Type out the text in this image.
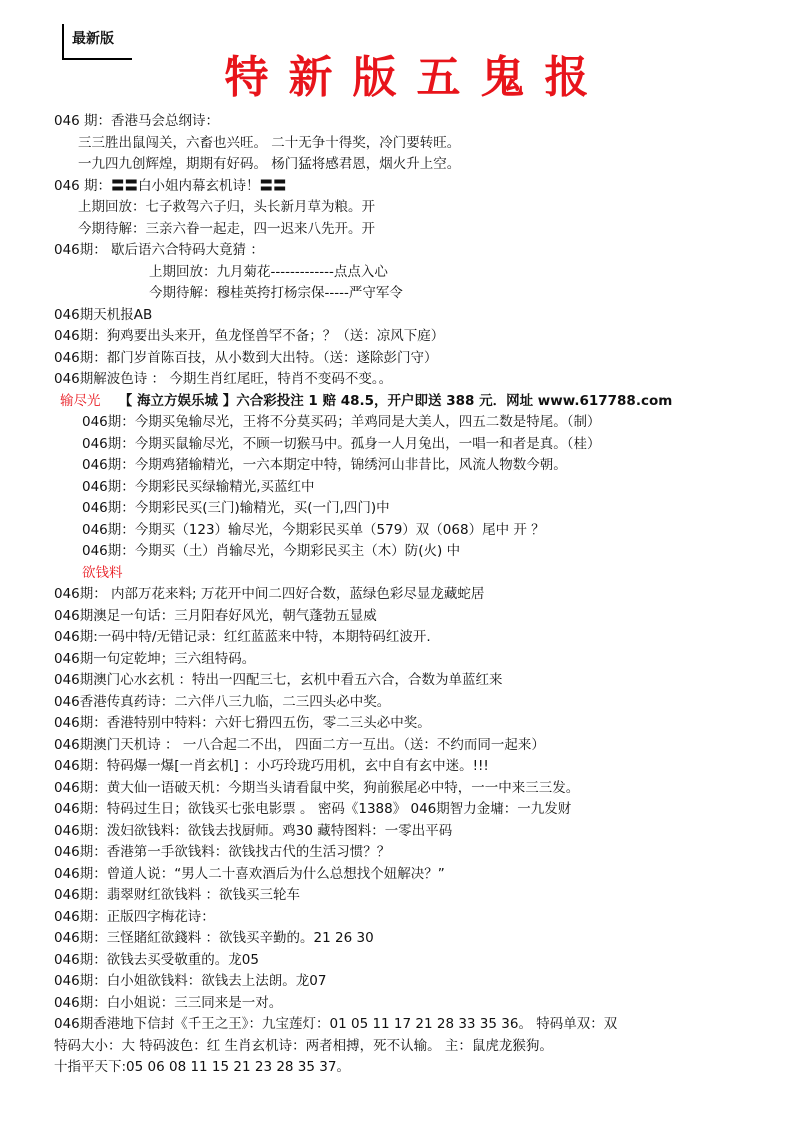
最新版
特新版五鬼报
046 期：香港马会总纲诗：
三三胜出鼠闯关，六畜也兴旺。 二十无争十得奖，冷门要转旺。
一九四九创辉煌，期期有好码。 杨门猛将感君恩，烟火升上空。
046 期：〓〓白小姐内幕玄机诗！〓〓
上期回放：七子救驾六子归，头长新月草为粮。开
今期待解：三亲六眷一起走，四一迟来八先开。开
046期： 歇后语六合特码大竟猜 ：
上期回放：九月菊花-------------点点入心
今期待解：穆桂英挎打杨宗保-----严守军令
046期天机报AB
046期：狗鸡要出头来开，鱼龙怪兽罕不备；？（送：凉风下庭）
046期：都门岁首陈百技，从小数到大出特。（送：遂除彭门守）
046期解波色诗 ： 今期生肖红尾旺，特肖不变码不变。。
输尽光 【 海立方娱乐城 】六合彩投注 1 赔 48.5，开户即送 388 元．网址 www.617788.com
046期：今期买兔输尽光，王将不分莫买码；羊鸡同是大美人，四五二数是特尾。（制）
046期：今期买鼠输尽光，不顾一切猴马中。孤身一人月兔出，一唱一和者是真。（桂）
046期：今期鸡猪输精光，一六本期定中特，锦绣河山非昔比，风流人物数今朝。
046期：今期彩民买绿输精光,买蓝红中
046期：今期彩民买(三门)输精光，买(一门,四门)中
046期：今期买（123）输尽光，今期彩民买单（579）双（068）尾中 开 ？
046期：今期买（土）肖输尽光，今期彩民买主（木）防(火) 中
欲钱料
046期： 内部万花来料; 万花开中间二四好合数，蓝绿色彩尽显龙藏蛇居
046期澳足一句话：三月阳春好风光，朝气蓬勃五显威
046期:一码中特/无错记录：红红蓝蓝来中特，本期特码红波开.
046期一句定乾坤；三六组特码。
046期澳门心水玄机 ：特出一四配三七，玄机中看五六合，合数为单蓝红来
046香港传真药诗：二六伴八三九临，二三四头必中奖。
046期：香港特别中特料：六奸七猾四五伤，零二三头必中奖。
046期澳门天机诗 ： 一八合起二不出， 四面二方一互出。（送：不约而同一起来）
046期：特码爆一爆[一肖玄机] ：小巧玲珑巧用机，玄中自有玄中迷。!!!
046期：黄大仙一语破天机：今期当头请看鼠中奖，狗前猴尾必中特，一一中来三三发。
046期：特码过生日；欲钱买七张电影票 。 密码《1388》 046期智力金墉：一九发财
046期：泼妇欲钱料：欲钱去找厨师。鸡30 藏特图料：一零出平码
046期：香港第一手欲钱料：欲钱找古代的生活习惯？？
046期：曾道人说：“男人二十喜欢酒后为什么总想找个妞解决？”
046期：翡翠财红欲钱料 ：欲钱买三轮车
046期：正版四字梅花诗：
046期：三怪賭紅欲錢料 ：欲钱买辛勤的。21 26 30
046期：欲钱去买受敬重的。龙05
046期：白小姐欲钱料：欲钱去上法朗。龙07
046期：白小姐说：三三同来是一对。
046期香港地下信封《千王之王》：九宝莲灯：01 05 11 17 21 28 33 35 36。 特码单双：双
特码大小：大 特码波色：红 生肖玄机诗：两者相搏，死不认输。 主：鼠虎龙猴狗。
十指平天下:05 06 08 11 15 21 23 28 35 37。
